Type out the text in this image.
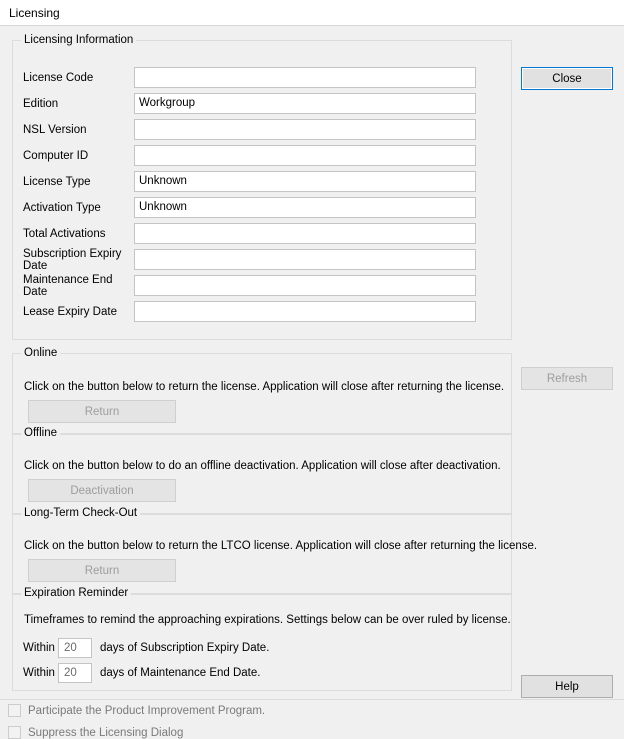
Licensing
Licensing Information
License Code
Edition	Workgroup
NSL Version
Computer ID
License Type	Unknown
Activation Type	Unknown
Total Activations
Subscription Expiry Date
Maintenance End Date
Lease Expiry Date
Online
Click on the button below to return the license. Application will close after returning the license.
Return
Offline
Click on the button below to do an offline deactivation. Application will close after deactivation.
Deactivation
Long-Term Check-Out
Click on the button below to return the LTCO license. Application will close after returning the license.
Return
Expiration Reminder
Timeframes to remind the approaching expirations. Settings below can be over ruled by license.
Within 20	days of Subscription Expiry Date.
Within 20	days of Maintenance End Date.
Close
Refresh
Help
Participate the Product Improvement Program.
Suppress the Licensing Dialog
